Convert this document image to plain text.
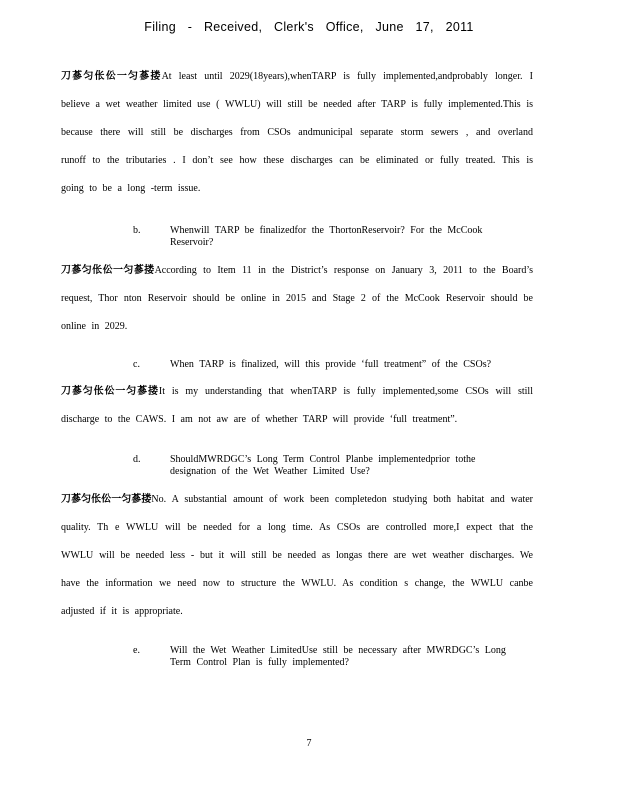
Filing - Received, Clerk's Office, June 17, 2011
刀蔘匀伥伀一匀蔘搂At least until 2029(18years),whenTARP is fully implemented,andprobably longer. I believe a wet weather limited use ( WWLU) will still be needed after TARP is fully implemented.This is because there will still be discharges from CSOs andmunicipal separate storm sewers , and overland runoff to the tributaries . I don’t see how these discharges can be eliminated or fully treated. This is going to be a long -term issue.
b.	Whenwill TARP be finalizedfor the ThortonReservoir? For the McCook Reservoir?
刀蔘匀伥伀一匀蔘搂According to Item 11 in the District’s response on January 3, 2011 to the Board’s request, Thor nton Reservoir should be online in 2015 and Stage 2 of the McCook Reservoir should be online in 2029.
c.	When TARP is finalized, will this provide ‘full treatment” of the CSOs?
刀蔘匀伥伀一匀蔘搂It is my understanding that whenTARP is fully implemented,some CSOs will still discharge to the CAWS. I am not aw are of whether TARP will provide ‘full treatment”.
d.	ShouldMWRDGC’s Long Term Control Planbe implementedprior tothe designation of the Wet Weather Limited Use?
刀蔘匀伥伀一匀蔘搂No. A substantial amount of work been completedon studying both habitat and water quality. Th e WWLU will be needed for a long time. As CSOs are controlled more,I expect that the WWLU will be needed less - but it will still be needed as longas there are wet weather discharges. We have the information we need now to structure the WWLU. As condition s change, the WWLU canbe adjusted if it is appropriate.
e.	Will the Wet Weather LimitedUse still be necessary after MWRDGC’s Long Term Control Plan is fully implemented?
7
